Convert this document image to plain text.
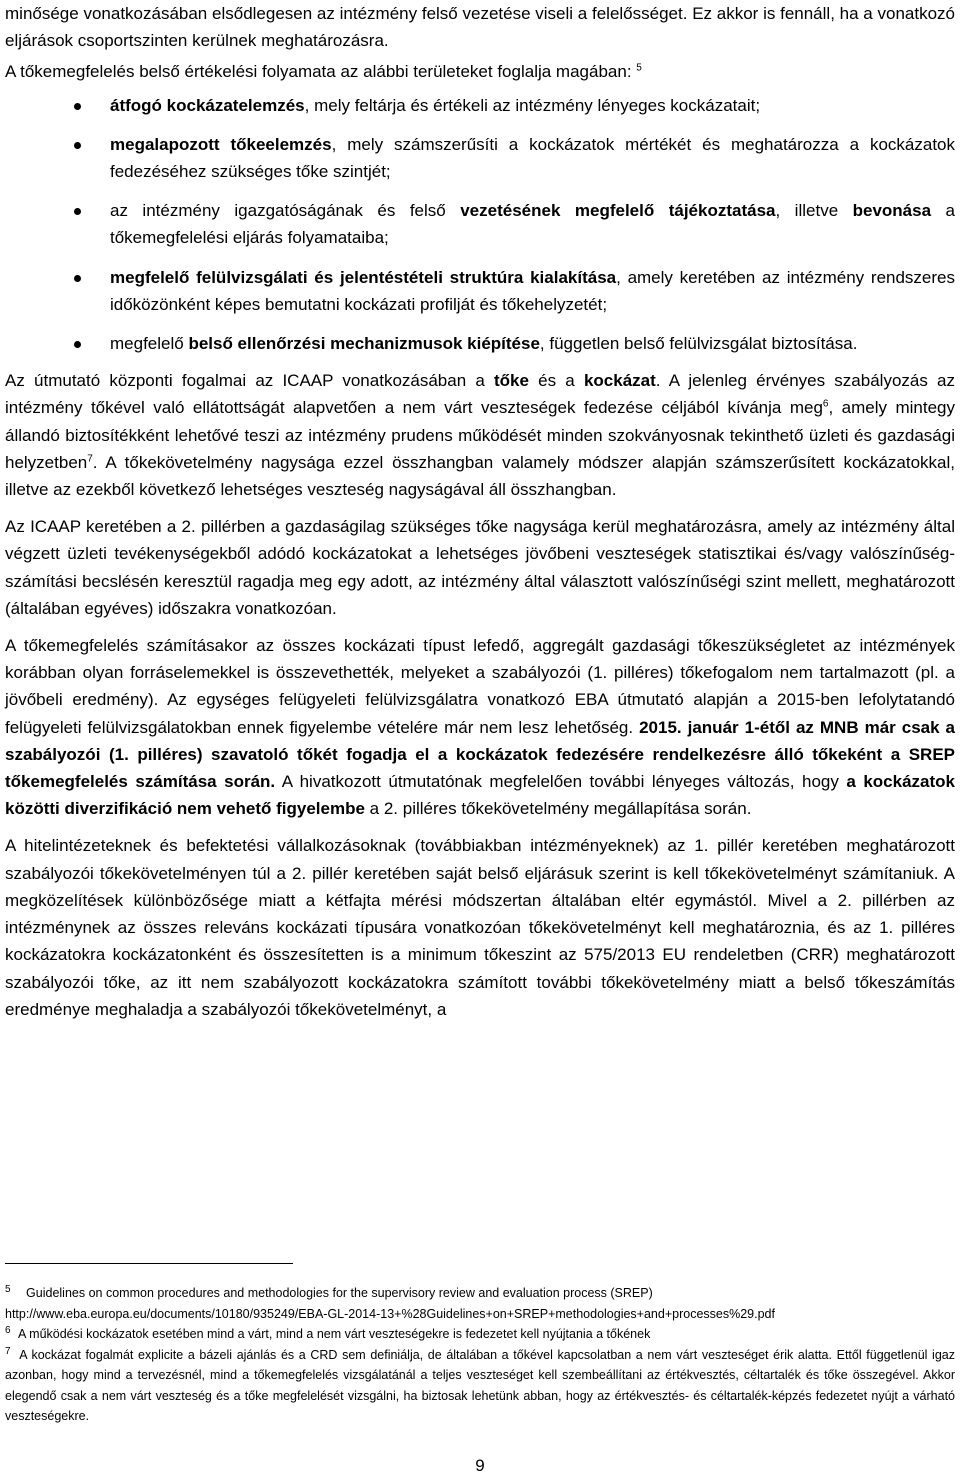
minősége vonatkozásában elsődlegesen az intézmény felső vezetése viseli a felelősséget. Ez akkor is fennáll, ha a vonatkozó eljárások csoportszinten kerülnek meghatározásra.

A tőkemegfelelés belső értékelési folyamata az alábbi területeket foglalja magában: $^5$

átfogó kockázatelemzés, mely feltárja és értékeli az intézmény lényeges kockázatait;
megalapozott tőkeelemzés, mely számszerűsíti a kockázatok mértékét és meghatározza a kockázatok fedezéséhez szükséges tőke szintjét;
az intézmény igazgatóságának és felső vezetésének megfelelő tájékoztatása, illetve bevonása a tőkemegfelelési eljárás folyamataiba;
megfelelő felülvizsgálati és jelentéstételi struktúra kialakítása, amely keretében az intézmény rendszeres időközönként képes bemutatni kockázati profilját és tőkehelyzetét;
megfelelő belső ellenőrzési mechanizmusok kiépítése, független belső felülvizsgálat biztosítása.

Az útmutató központi fogalmai az ICAAP vonatkozásában a tőke és a kockázat. A jelenleg érvényes szabályozás az intézmény tőkével való ellátottságát alapvetően a nem várt veszteségek fedezése céljából kívánja meg$^6$, amely mintegy állandó biztosítékként lehetővé teszi az intézmény prudens működését minden szokványosnak tekinthető üzleti és gazdasági helyzetben$^7$. A tőkekövetelmény nagysága ezzel összhangban valamely módszer alapján számszerűsített kockázatokkal, illetve az ezekből következő lehetséges veszteség nagyságával áll összhangban.

Az ICAAP keretében a 2. pillérben a gazdaságilag szükséges tőke nagysága kerül meghatározásra, amely az intézmény által végzett üzleti tevékenységekből adódó kockázatokat a lehetséges jövőbeni veszteségek statisztikai és/vagy valószínűség-számítási becslésén keresztül ragadja meg egy adott, az intézmény által választott valószínűségi szint mellett, meghatározott (általában egyéves) időszakra vonatkozóan.

A tőkemegfelelés számításakor az összes kockázati típust lefedő, aggregált gazdasági tőkeszükségletet az intézmények korábban olyan forráselemekkel is összevethették, melyeket a szabályozói (1. pilléres) tőkefogalom nem tartalmazott (pl. a jövőbeli eredmény). Az egységes felügyeleti felülvizsgálatra vonatkozó EBA útmutató alapján a 2015-ben lefolytatandó felügyeleti felülvizsgálatokban ennek figyelembe vételére már nem lesz lehetőség. 2015. január 1-étől az MNB már csak a szabályozói (1. pilléres) szavatoló tőkét fogadja el a kockázatok fedezésére rendelkezésre álló tőkeként a SREP tőkemegfelelés számítása során. A hivatkozott útmutatónak megfelelően további lényeges változás, hogy a kockázatok közötti diverzifikáció nem vehető figyelembe a 2. pilléres tőkekövetelmény megállapítása során.

A hitelintézeteknek és befektetési vállalkozásoknak (továbbiakban intézményeknek) az 1. pillér keretében meghatározott szabályozói tőkekövetelményen túl a 2. pillér keretében saját belső eljárásuk szerint is kell tőkekövetelményt számítaniuk. A megközelítések különbözősége miatt a kétfajta mérési módszertan általában eltér egymástól. Mivel a 2. pillérben az intézménynek az összes releváns kockázati típusára vonatkozóan tőkekövetelményt kell meghatároznia, és az 1. pilléres kockázatokra kockázatonként és összesítetten is a minimum tőkeszint az 575/2013 EU rendeletben (CRR) meghatározott szabályozói tőke, az itt nem szabályozott kockázatokra számított további tőkekövetelmény miatt a belső tőkeszámítás eredménye meghaladja a szabályozói tőkekövetelményt, a

$^5$ Guidelines on common procedures and methodologies for the supervisory review and evaluation process (SREP)

http://www.eba.europa.eu/documents/10180/935249/EBA-GL-2014-13+%28Guidelines+on+SREP+methodologies+and+processes%29.pdf

$^6$ A működési kockázatok esetében mind a várt, mind a nem várt veszteségekre is fedezetet kell nyújtania a tőkének

$^7$ A kockázat fogalmát explicite a bázeli ajánlás és a CRD sem definiálja, de általában a tőkével kapcsolatban a nem várt veszteséget érik alatta. Ettől függetlenül igaz azonban, hogy mind a tervezésnél, mind a tőkemegfelelés vizsgálatánál a teljes veszteséget kell szembeállítani az értékvesztés, céltartalék és tőke összegével. Akkor elegendő csak a nem várt veszteség és a tőke megfelelését vizsgálni, ha biztosak lehetünk abban, hogy az értékvesztés- és céltartalék-képzés fedezetet nyújt a várható veszteségekre.

9
